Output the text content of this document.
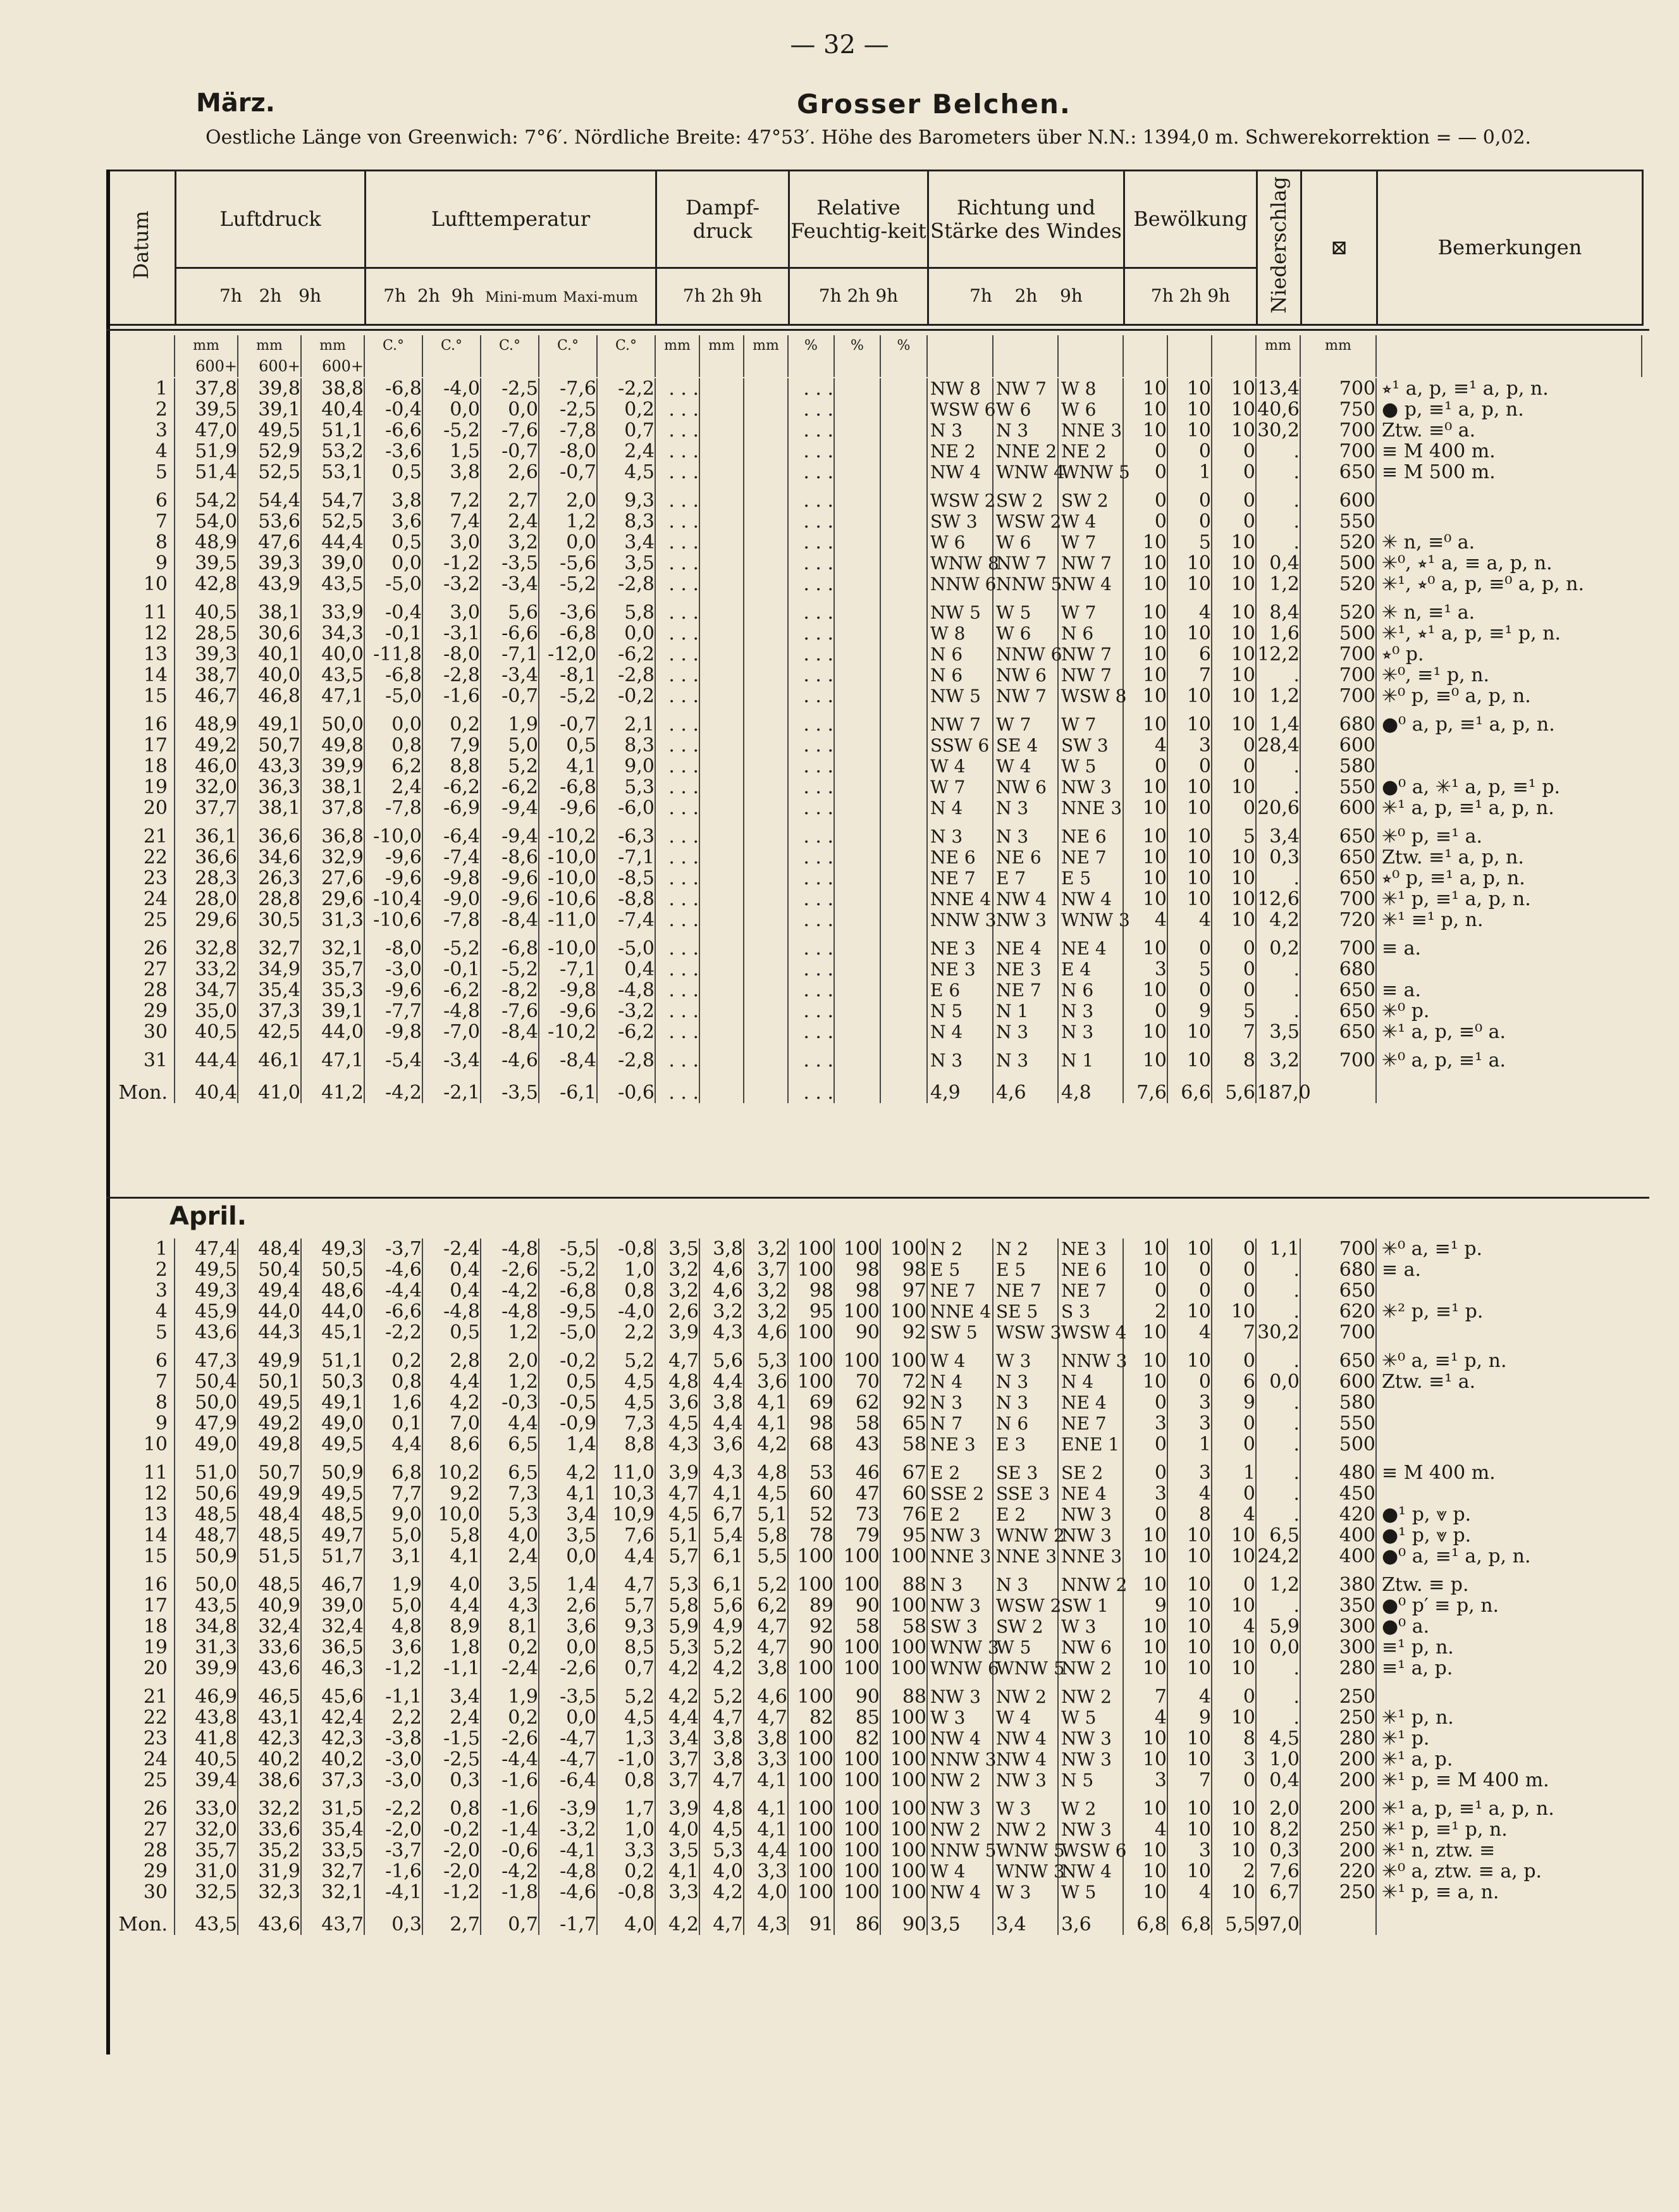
— 32 —
März.	Grosser Belchen.
Oestliche Länge von Greenwich: 7°6′. Nördliche Breite: 47°53′. Höhe des Barometers über N.N.: 1394,0 m. Schwerekorrektion = — 0,02.
Datum	Luftdruck	Lufttemperatur	Dampf-druck	Relative Feuchtig-keit	Richtung und Stärke des Windes	Bewölkung	Niederschlag	⊠	Bemerkungen
	7h 2h 9h	7h 2h 9h Mini-mum Maxi-mum	7h 2h 9h	7h 2h 9h	7h 2h 9h	7h 2h 9h			
	mm	mm	mm	C.°	C.°	C.°	C.°	C.°	mm	mm	mm	%	%	%							mm	mm	
	600+	600+	600+																				
1	37,8	39,8	38,8	-6,8	-4,0	-2,5	-7,6	-2,2	. . .			. . .			NW 8	NW 7	W 8	10	10	10	13,4	700	⭒¹ a, p, ≡¹ a, p, n.
2	39,5	39,1	40,4	-0,4	0,0	0,0	-2,5	0,2	. . .			. . .			WSW 6	W 6	W 6	10	10	10	40,6	750	● p, ≡¹ a, p, n.
3	47,0	49,5	51,1	-6,6	-5,2	-7,6	-7,8	0,7	. . .			. . .			N 3	N 3	NNE 3	10	10	10	30,2	700	Ztw. ≡⁰ a.
4	51,9	52,9	53,2	-3,6	1,5	-0,7	-8,0	2,4	. . .			. . .			NE 2	NNE 2	NE 2	0	0	0	.	700	≡ M 400 m.
5	51,4	52,5	53,1	0,5	3,8	2,6	-0,7	4,5	. . .			. . .			NW 4	WNW 4	WNW 5	0	1	0	.	650	≡ M 500 m.
6	54,2	54,4	54,7	3,8	7,2	2,7	2,0	9,3	. . .			. . .			WSW 2	SW 2	SW 2	0	0	0	.	600	
7	54,0	53,6	52,5	3,6	7,4	2,4	1,2	8,3	. . .			. . .			SW 3	WSW 2	W 4	0	0	0	.	550	
8	48,9	47,6	44,4	0,5	3,0	3,2	0,0	3,4	. . .			. . .			W 6	W 6	W 7	10	5	10	.	520	✳ n, ≡⁰ a.
9	39,5	39,3	39,0	0,0	-1,2	-3,5	-5,6	3,5	. . .			. . .			WNW 8	NW 7	NW 7	10	10	10	0,4	500	✳⁰, ⭒¹ a, ≡ a, p, n.
10	42,8	43,9	43,5	-5,0	-3,2	-3,4	-5,2	-2,8	. . .			. . .			NNW 6	NNW 5	NW 4	10	10	10	1,2	520	✳¹, ⭒⁰ a, p, ≡⁰ a, p, n.
11	40,5	38,1	33,9	-0,4	3,0	5,6	-3,6	5,8	. . .			. . .			NW 5	W 5	W 7	10	4	10	8,4	520	✳ n, ≡¹ a.
12	28,5	30,6	34,3	-0,1	-3,1	-6,6	-6,8	0,0	. . .			. . .			W 8	W 6	N 6	10	10	10	1,6	500	✳¹, ⭒¹ a, p, ≡¹ p, n.
13	39,3	40,1	40,0	-11,8	-8,0	-7,1	-12,0	-6,2	. . .			. . .			N 6	NNW 6	NW 7	10	6	10	12,2	700	⭒⁰ p.
14	38,7	40,0	43,5	-6,8	-2,8	-3,4	-8,1	-2,8	. . .			. . .			N 6	NW 6	NW 7	10	7	10	.	700	✳⁰, ≡¹ p, n.
15	46,7	46,8	47,1	-5,0	-1,6	-0,7	-5,2	-0,2	. . .			. . .			NW 5	NW 7	WSW 8	10	10	10	1,2	700	✳⁰ p, ≡⁰ a, p, n.
16	48,9	49,1	50,0	0,0	0,2	1,9	-0,7	2,1	. . .			. . .			NW 7	W 7	W 7	10	10	10	1,4	680	●⁰ a, p, ≡¹ a, p, n.
17	49,2	50,7	49,8	0,8	7,9	5,0	0,5	8,3	. . .			. . .			SSW 6	SE 4	SW 3	4	3	0	28,4	600	
18	46,0	43,3	39,9	6,2	8,8	5,2	4,1	9,0	. . .			. . .			W 4	W 4	W 5	0	0	0	.	580	
19	32,0	36,3	38,1	2,4	-6,2	-6,2	-6,8	5,3	. . .			. . .			W 7	NW 6	NW 3	10	10	10	.	550	●⁰ a, ✳¹ a, p, ≡¹ p.
20	37,7	38,1	37,8	-7,8	-6,9	-9,4	-9,6	-6,0	. . .			. . .			N 4	N 3	NNE 3	10	10	0	20,6	600	✳¹ a, p, ≡¹ a, p, n.
21	36,1	36,6	36,8	-10,0	-6,4	-9,4	-10,2	-6,3	. . .			. . .			N 3	N 3	NE 6	10	10	5	3,4	650	✳⁰ p, ≡¹ a.
22	36,6	34,6	32,9	-9,6	-7,4	-8,6	-10,0	-7,1	. . .			. . .			NE 6	NE 6	NE 7	10	10	10	0,3	650	Ztw. ≡¹ a, p, n.
23	28,3	26,3	27,6	-9,6	-9,8	-9,6	-10,0	-8,5	. . .			. . .			NE 7	E 7	E 5	10	10	10	.	650	⭒⁰ p, ≡¹ a, p, n.
24	28,0	28,8	29,6	-10,4	-9,0	-9,6	-10,6	-8,8	. . .			. . .			NNE 4	NW 4	NW 4	10	10	10	12,6	700	✳¹ p, ≡¹ a, p, n.
25	29,6	30,5	31,3	-10,6	-7,8	-8,4	-11,0	-7,4	. . .			. . .			NNW 3	NW 3	WNW 3	4	4	10	4,2	720	✳¹ ≡¹ p, n.
26	32,8	32,7	32,1	-8,0	-5,2	-6,8	-10,0	-5,0	. . .			. . .			NE 3	NE 4	NE 4	10	0	0	0,2	700	≡ a.
27	33,2	34,9	35,7	-3,0	-0,1	-5,2	-7,1	0,4	. . .			. . .			NE 3	NE 3	E 4	3	5	0	.	680	
28	34,7	35,4	35,3	-9,6	-6,2	-8,2	-9,8	-4,8	. . .			. . .			E 6	NE 7	N 6	10	0	0	.	650	≡ a.
29	35,0	37,3	39,1	-7,7	-4,8	-7,6	-9,6	-3,2	. . .			. . .			N 5	N 1	N 3	0	9	5	.	650	✳⁰ p.
30	40,5	42,5	44,0	-9,8	-7,0	-8,4	-10,2	-6,2	. . .			. . .			N 4	N 3	N 3	10	10	7	3,5	650	✳¹ a, p, ≡⁰ a.
31	44,4	46,1	47,1	-5,4	-3,4	-4,6	-8,4	-2,8	. . .			. . .			N 3	N 3	N 1	10	10	8	3,2	700	✳⁰ a, p, ≡¹ a.
Mon.	40,4	41,0	41,2	-4,2	-2,1	-3,5	-6,1	-0,6	. . .			. . .			4,9	4,6	4,8	7,6	6,6	5,6	187,0		
April.
1	47,4	48,4	49,3	-3,7	-2,4	-4,8	-5,5	-0,8	3,5	3,8	3,2	100	100	100	N 2	N 2	NE 3	10	10	0	1,1	700	✳⁰ a, ≡¹ p.
2	49,5	50,4	50,5	-4,6	0,4	-2,6	-5,2	1,0	3,2	4,6	3,7	100	98	98	E 5	E 5	NE 6	10	0	0	.	680	≡ a.
3	49,3	49,4	48,6	-4,4	0,4	-4,2	-6,8	0,8	3,2	4,6	3,2	98	98	97	NE 7	NE 7	NE 7	0	0	0	.	650	
4	45,9	44,0	44,0	-6,6	-4,8	-4,8	-9,5	-4,0	2,6	3,2	3,2	95	100	100	NNE 4	SE 5	S 3	2	10	10	.	620	✳² p, ≡¹ p.
5	43,6	44,3	45,1	-2,2	0,5	1,2	-5,0	2,2	3,9	4,3	4,6	100	90	92	SW 5	WSW 3	WSW 4	10	4	7	30,2	700	
6	47,3	49,9	51,1	0,2	2,8	2,0	-0,2	5,2	4,7	5,6	5,3	100	100	100	W 4	W 3	NNW 3	10	10	0	.	650	✳⁰ a, ≡¹ p, n.
7	50,4	50,1	50,3	0,8	4,4	1,2	0,5	4,5	4,8	4,4	3,6	100	70	72	N 4	N 3	N 4	10	0	6	0,0	600	Ztw. ≡¹ a.
8	50,0	49,5	49,1	1,6	4,2	-0,3	-0,5	4,5	3,6	3,8	4,1	69	62	92	N 3	N 3	NE 4	0	3	9	.	580	
9	47,9	49,2	49,0	0,1	7,0	4,4	-0,9	7,3	4,5	4,4	4,1	98	58	65	N 7	N 6	NE 7	3	3	0	.	550	
10	49,0	49,8	49,5	4,4	8,6	6,5	1,4	8,8	4,3	3,6	4,2	68	43	58	NE 3	E 3	ENE 1	0	1	0	.	500	
11	51,0	50,7	50,9	6,8	10,2	6,5	4,2	11,0	3,9	4,3	4,8	53	46	67	E 2	SE 3	SE 2	0	3	1	.	480	≡ M 400 m.
12	50,6	49,9	49,5	7,7	9,2	7,3	4,1	10,3	4,7	4,1	4,5	60	47	60	SSE 2	SSE 3	NE 4	3	4	0	.	450	
13	48,5	48,4	48,5	9,0	10,0	5,3	3,4	10,9	4,5	6,7	5,1	52	73	76	E 2	E 2	NW 3	0	8	4	.	420	●¹ p, ⩔ p.
14	48,7	48,5	49,7	5,0	5,8	4,0	3,5	7,6	5,1	5,4	5,8	78	79	95	NW 3	WNW 2	NW 3	10	10	10	6,5	400	●¹ p, ⩔ p.
15	50,9	51,5	51,7	3,1	4,1	2,4	0,0	4,4	5,7	6,1	5,5	100	100	100	NNE 3	NNE 3	NNE 3	10	10	10	24,2	400	●⁰ a, ≡¹ a, p, n.
16	50,0	48,5	46,7	1,9	4,0	3,5	1,4	4,7	5,3	6,1	5,2	100	100	88	N 3	N 3	NNW 2	10	10	0	1,2	380	Ztw. ≡ p.
17	43,5	40,9	39,0	5,0	4,4	4,3	2,6	5,7	5,8	5,6	6,2	89	90	100	NW 3	WSW 2	SW 1	9	10	10	.	350	●⁰ p′ ≡ p, n.
18	34,8	32,4	32,4	4,8	8,9	8,1	3,6	9,3	5,9	4,9	4,7	92	58	58	SW 3	SW 2	W 3	10	10	4	5,9	300	●⁰ a.
19	31,3	33,6	36,5	3,6	1,8	0,2	0,0	8,5	5,3	5,2	4,7	90	100	100	WNW 3	W 5	NW 6	10	10	10	0,0	300	≡¹ p, n.
20	39,9	43,6	46,3	-1,2	-1,1	-2,4	-2,6	0,7	4,2	4,2	3,8	100	100	100	WNW 6	WNW 5	NW 2	10	10	10	.	280	≡¹ a, p.
21	46,9	46,5	45,6	-1,1	3,4	1,9	-3,5	5,2	4,2	5,2	4,6	100	90	88	NW 3	NW 2	NW 2	7	4	0	.	250	
22	43,8	43,1	42,4	2,2	2,4	0,2	0,0	4,5	4,4	4,7	4,7	82	85	100	W 3	W 4	W 5	4	9	10	.	250	✳¹ p, n.
23	41,8	42,3	42,3	-3,8	-1,5	-2,6	-4,7	1,3	3,4	3,8	3,8	100	82	100	NW 4	NW 4	NW 3	10	10	8	4,5	280	✳¹ p.
24	40,5	40,2	40,2	-3,0	-2,5	-4,4	-4,7	-1,0	3,7	3,8	3,3	100	100	100	NNW 3	NW 4	NW 3	10	10	3	1,0	200	✳¹ a, p.
25	39,4	38,6	37,3	-3,0	0,3	-1,6	-6,4	0,8	3,7	4,7	4,1	100	100	100	NW 2	NW 3	N 5	3	7	0	0,4	200	✳¹ p, ≡ M 400 m.
26	33,0	32,2	31,5	-2,2	0,8	-1,6	-3,9	1,7	3,9	4,8	4,1	100	100	100	NW 3	W 3	W 2	10	10	10	2,0	200	✳¹ a, p, ≡¹ a, p, n.
27	32,0	33,6	35,4	-2,0	-0,2	-1,4	-3,2	1,0	4,0	4,5	4,1	100	100	100	NW 2	NW 2	NW 3	4	10	10	8,2	250	✳¹ p, ≡¹ p, n.
28	35,7	35,2	33,5	-3,7	-2,0	-0,6	-4,1	3,3	3,5	5,3	4,4	100	100	100	NNW 5	WNW 5	WSW 6	10	3	10	0,3	200	✳¹ n, ztw. ≡
29	31,0	31,9	32,7	-1,6	-2,0	-4,2	-4,8	0,2	4,1	4,0	3,3	100	100	100	W 4	WNW 3	NW 4	10	10	2	7,6	220	✳⁰ a, ztw. ≡ a, p.
30	32,5	32,3	32,1	-4,1	-1,2	-1,8	-4,6	-0,8	3,3	4,2	4,0	100	100	100	NW 4	W 3	W 5	10	4	10	6,7	250	✳¹ p, ≡ a, n.
Mon.	43,5	43,6	43,7	0,3	2,7	0,7	-1,7	4,0	4,2	4,7	4,3	91	86	90	3,5	3,4	3,6	6,8	6,8	5,5	97,0		
